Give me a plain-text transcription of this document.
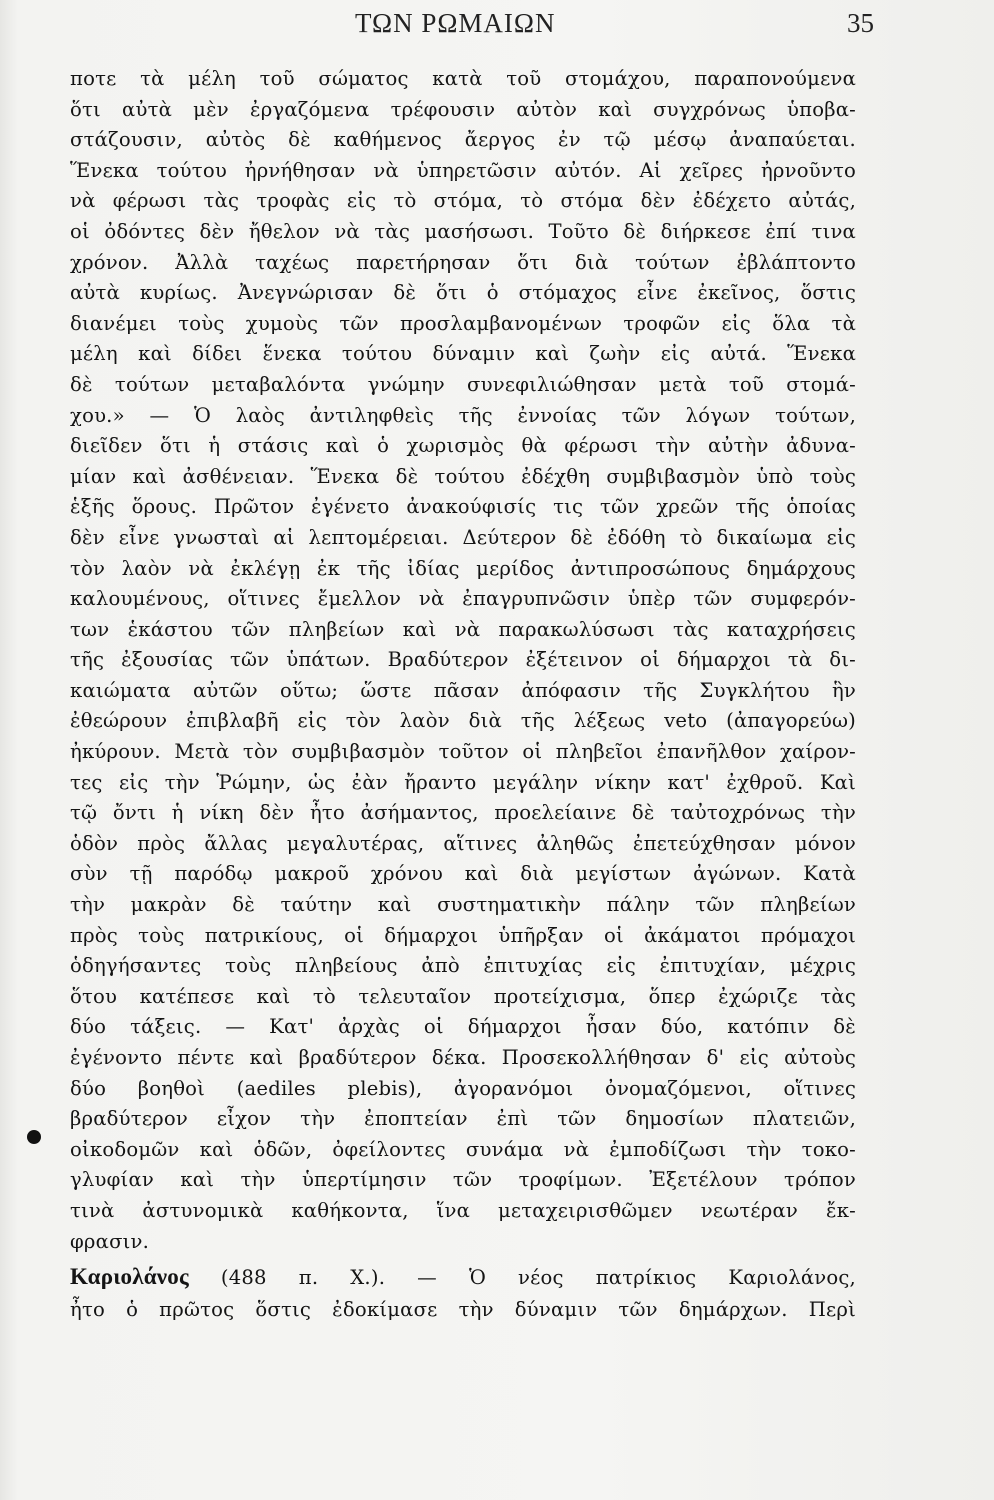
ΤΩΝ ΡΩΜΑΙΩΝ	35
ποτε τὰ μέλη τοῦ σώματος κατὰ τοῦ στομάχου, παραπονούμενα
ὅτι αὐτὰ μὲν ἐργαζόμενα τρέφουσιν αὐτὸν καὶ συγχρόνως ὑποβα-
στάζουσιν, αὐτὸς δὲ καθήμενος ἄεργος ἐν τῷ μέσῳ ἀναπαύεται.
Ἕνεκα τούτου ἠρνήθησαν νὰ ὑπηρετῶσιν αὐτόν. Αἱ χεῖρες ἠρνοῦντο
νὰ φέρωσι τὰς τροφὰς εἰς τὸ στόμα, τὸ στόμα δὲν ἐδέχετο αὐτάς,
οἱ ὀδόντες δὲν ἤθελον νὰ τὰς μασήσωσι. Τοῦτο δὲ διήρκεσε ἐπί τινα
χρόνον. Ἀλλὰ ταχέως παρετήρησαν ὅτι διὰ τούτων ἐβλάπτοντο
αὐτὰ κυρίως. Ἀνεγνώρισαν δὲ ὅτι ὁ στόμαχος εἶνε ἐκεῖνος, ὅστις
διανέμει τοὺς χυμοὺς τῶν προσλαμβανομένων τροφῶν εἰς ὅλα τὰ
μέλη καὶ δίδει ἕνεκα τούτου δύναμιν καὶ ζωὴν εἰς αὐτά. Ἕνεκα
δὲ τούτων μεταβαλόντα γνώμην συνεφιλιώθησαν μετὰ τοῦ στομά-
χου.» — Ὁ λαὸς ἀντιληφθεὶς τῆς ἐννοίας τῶν λόγων τούτων,
διεῖδεν ὅτι ἡ στάσις καὶ ὁ χωρισμὸς θὰ φέρωσι τὴν αὐτὴν ἀδυνα-
μίαν καὶ ἀσθένειαν. Ἕνεκα δὲ τούτου ἐδέχθη συμβιβασμὸν ὑπὸ τοὺς
ἑξῆς ὅρους. Πρῶτον ἐγένετο ἀνακούφισίς τις τῶν χρεῶν τῆς ὁποίας
δὲν εἶνε γνωσταὶ αἱ λεπτομέρειαι. Δεύτερον δὲ ἐδόθη τὸ δικαίωμα εἰς
τὸν λαὸν νὰ ἐκλέγῃ ἐκ τῆς ἰδίας μερίδος ἀντιπροσώπους δημάρχους
καλουμένους, οἵτινες ἔμελλον νὰ ἐπαγρυπνῶσιν ὑπὲρ τῶν συμφερόν-
των ἑκάστου τῶν πληβείων καὶ νὰ παρακωλύσωσι τὰς καταχρήσεις
τῆς ἐξουσίας τῶν ὑπάτων. Βραδύτερον ἐξέτεινον οἱ δήμαρχοι τὰ δι-
καιώματα αὐτῶν οὕτω; ὥστε πᾶσαν ἀπόφασιν τῆς Συγκλήτου ἣν
ἐθεώρουν ἐπιβλαβῆ εἰς τὸν λαὸν διὰ τῆς λέξεως veto (ἀπαγορεύω)
ἠκύρουν. Μετὰ τὸν συμβιβασμὸν τοῦτον οἱ πληβεῖοι ἐπανῆλθον χαίρον-
τες εἰς τὴν Ῥώμην, ὡς ἐὰν ἤραντο μεγάλην νίκην κατ' ἐχθροῦ. Καὶ
τῷ ὄντι ἡ νίκη δὲν ἦτο ἀσήμαντος, προελείαινε δὲ ταὐτοχρόνως τὴν
ὁδὸν πρὸς ἄλλας μεγαλυτέρας, αἵτινες ἀληθῶς ἐπετεύχθησαν μόνον
σὺν τῇ παρόδῳ μακροῦ χρόνου καὶ διὰ μεγίστων ἀγώνων. Κατὰ
τὴν μακρὰν δὲ ταύτην καὶ συστηματικὴν πάλην τῶν πληβείων
πρὸς τοὺς πατρικίους, οἱ δήμαρχοι ὑπῆρξαν οἱ ἀκάματοι πρόμαχοι
ὁδηγήσαντες τοὺς πληβείους ἀπὸ ἐπιτυχίας εἰς ἐπιτυχίαν, μέχρις
ὅτου κατέπεσε καὶ τὸ τελευταῖον προτείχισμα, ὅπερ ἐχώριζε τὰς
δύο τάξεις. — Κατ' ἀρχὰς οἱ δήμαρχοι ἦσαν δύο, κατόπιν δὲ
ἐγένοντο πέντε καὶ βραδύτερον δέκα. Προσεκολλήθησαν δ' εἰς αὐτοὺς
δύο βοηθοὶ (aediles plebis), ἀγορανόμοι ὀνομαζόμενοι, οἵτινες
βραδύτερον εἶχον τὴν ἐποπτείαν ἐπὶ τῶν δημοσίων πλατειῶν,
οἰκοδομῶν καὶ ὁδῶν, ὀφείλοντες συνάμα νὰ ἐμποδίζωσι τὴν τοκο-
γλυφίαν καὶ τὴν ὑπερτίμησιν τῶν τροφίμων. Ἐξετέλουν τρόπον
τινὰ ἀστυνομικὰ καθήκοντα, ἵνα μεταχειρισθῶμεν νεωτέραν ἔκ-
φρασιν.
Καριολάνος (488 π. Χ.). — Ὁ νέος πατρίκιος Καριολάνος,
ἦτο ὁ πρῶτος ὅστις ἐδοκίμασε τὴν δύναμιν τῶν δημάρχων. Περὶ
